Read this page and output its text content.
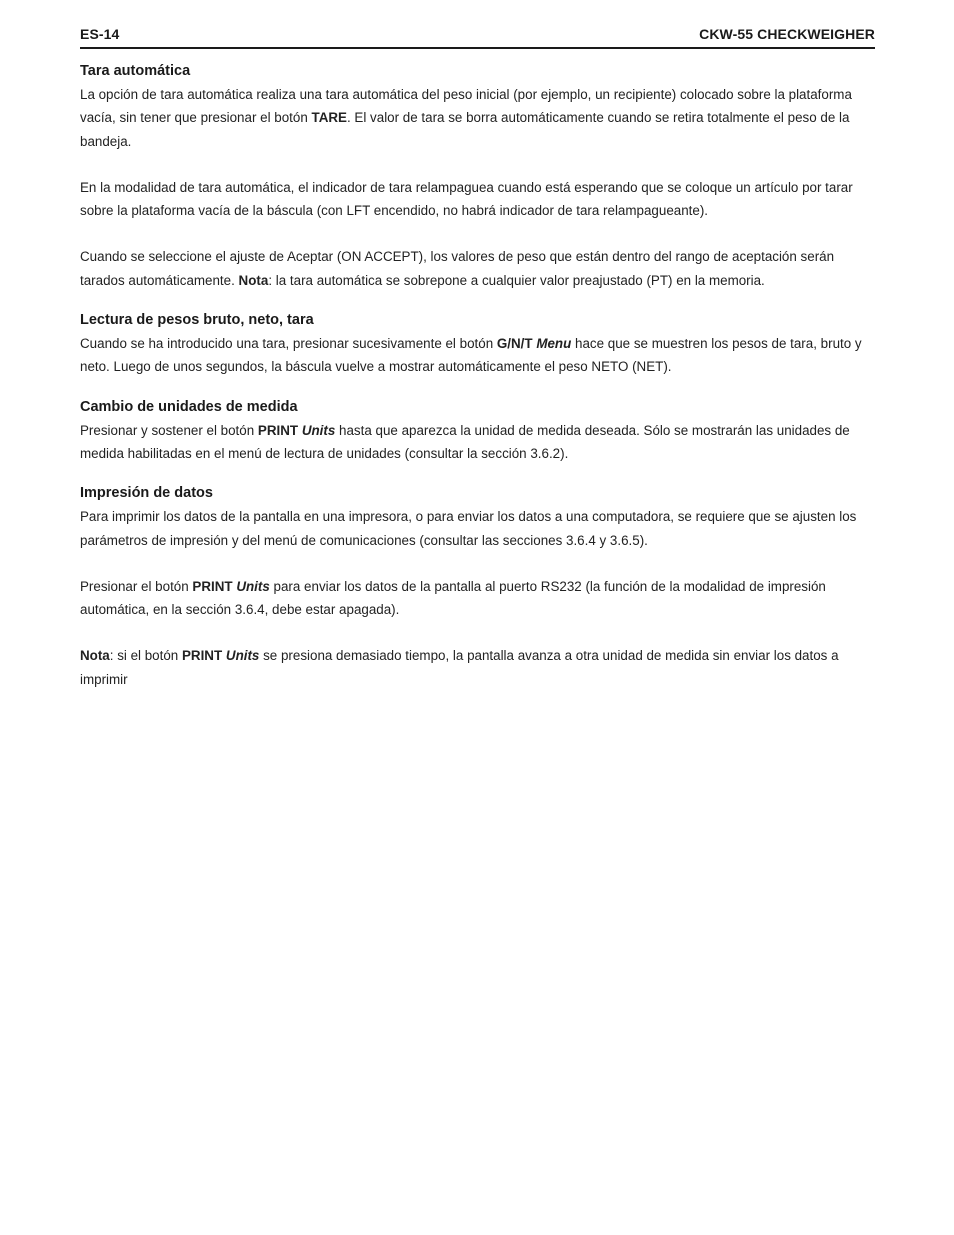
ES-14	CKW-55 CHECKWEIGHER
Tara automática

La opción de tara automática realiza una tara automática del peso inicial (por ejemplo, un recipiente) colocado sobre la plataforma vacía, sin tener que presionar el botón TARE. El valor de tara se borra automáticamente cuando se retira totalmente el peso de la bandeja.

En la modalidad de tara automática, el indicador de tara relampaguea cuando está esperando que se coloque un artículo por tarar sobre la plataforma vacía de la báscula (con LFT encendido, no habrá indicador de tara relampagueante).

Cuando se seleccione el ajuste de Aceptar (ON ACCEPT), los valores de peso que están dentro del rango de aceptación serán tarados automáticamente. Nota: la tara automática se sobrepone a cualquier valor preajustado (PT) en la memoria.

Lectura de pesos bruto, neto, tara

Cuando se ha introducido una tara, presionar sucesivamente el botón G/N/T Menu hace que se muestren los pesos de tara, bruto y neto. Luego de unos segundos, la báscula vuelve a mostrar automáticamente el peso NETO (NET).

Cambio de unidades de medida

Presionar y sostener el botón PRINT Units hasta que aparezca la unidad de medida deseada. Sólo se mostrarán las unidades de medida habilitadas en el menú de lectura de unidades (consultar la sección 3.6.2).

Impresión de datos

Para imprimir los datos de la pantalla en una impresora, o para enviar los datos a una computadora, se requiere que se ajusten los parámetros de impresión y del menú de comunicaciones (consultar las secciones 3.6.4 y 3.6.5).

Presionar el botón PRINT Units para enviar los datos de la pantalla al puerto RS232 (la función de la modalidad de impresión automática, en la sección 3.6.4, debe estar apagada).

Nota: si el botón PRINT Units se presiona demasiado tiempo, la pantalla avanza a otra unidad de medida sin enviar los datos a imprimir
